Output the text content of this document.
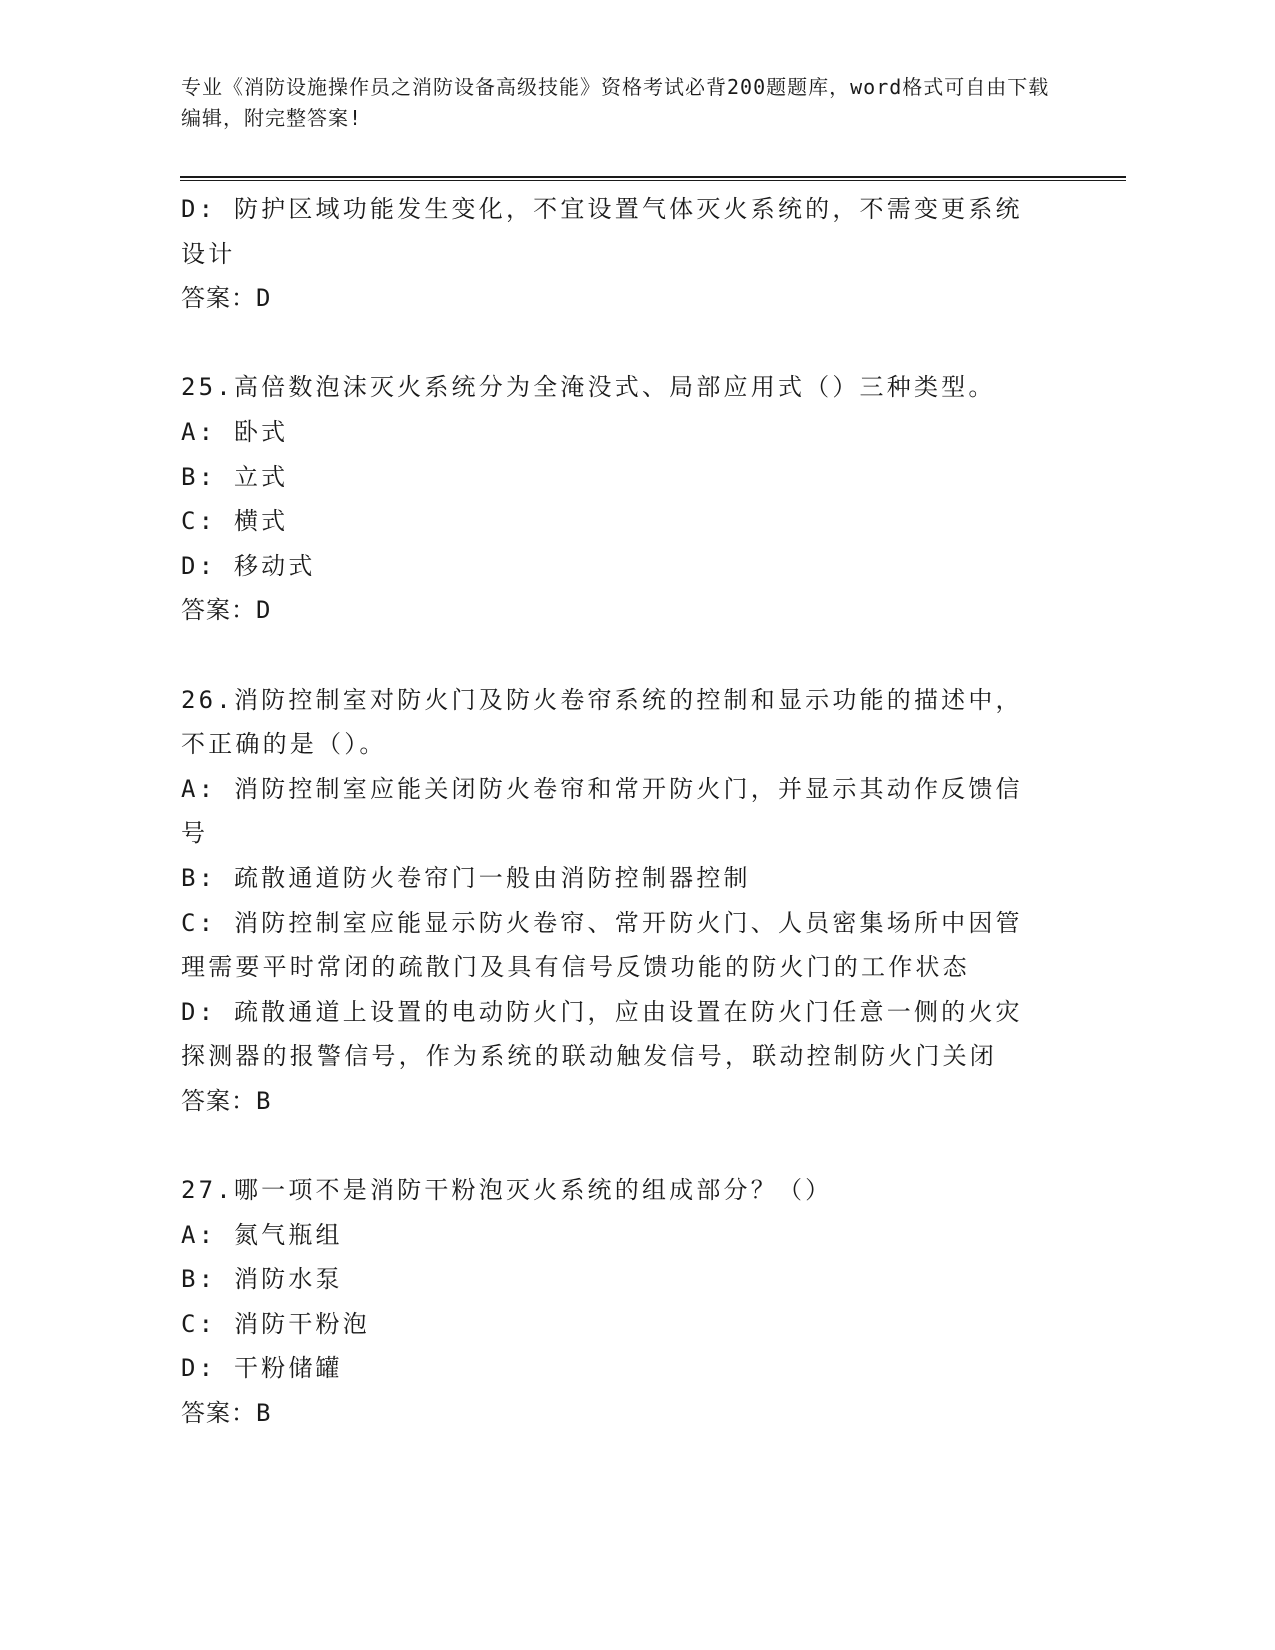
专业《消防设施操作员之消防设备高级技能》资格考试必背200题题库，word格式可自由下载编辑，附完整答案!
D: 防护区域功能发生变化，不宜设置气体灭火系统的，不需变更系统
设计
答案：D
25.高倍数泡沫灭火系统分为全淹没式、局部应用式（）三种类型。
A: 卧式
B: 立式
C: 横式
D: 移动式
答案：D
26.消防控制室对防火门及防火卷帘系统的控制和显示功能的描述中，
不正确的是（）。
A: 消防控制室应能关闭防火卷帘和常开防火门，并显示其动作反馈信
号
B: 疏散通道防火卷帘门一般由消防控制器控制
C: 消防控制室应能显示防火卷帘、常开防火门、人员密集场所中因管
理需要平时常闭的疏散门及具有信号反馈功能的防火门的工作状态
D: 疏散通道上设置的电动防火门，应由设置在防火门任意一侧的火灾
探测器的报警信号，作为系统的联动触发信号，联动控制防火门关闭
答案：B
27.哪一项不是消防干粉泡灭火系统的组成部分？（）
A: 氮气瓶组
B: 消防水泵
C: 消防干粉泡
D: 干粉储罐
答案：B
